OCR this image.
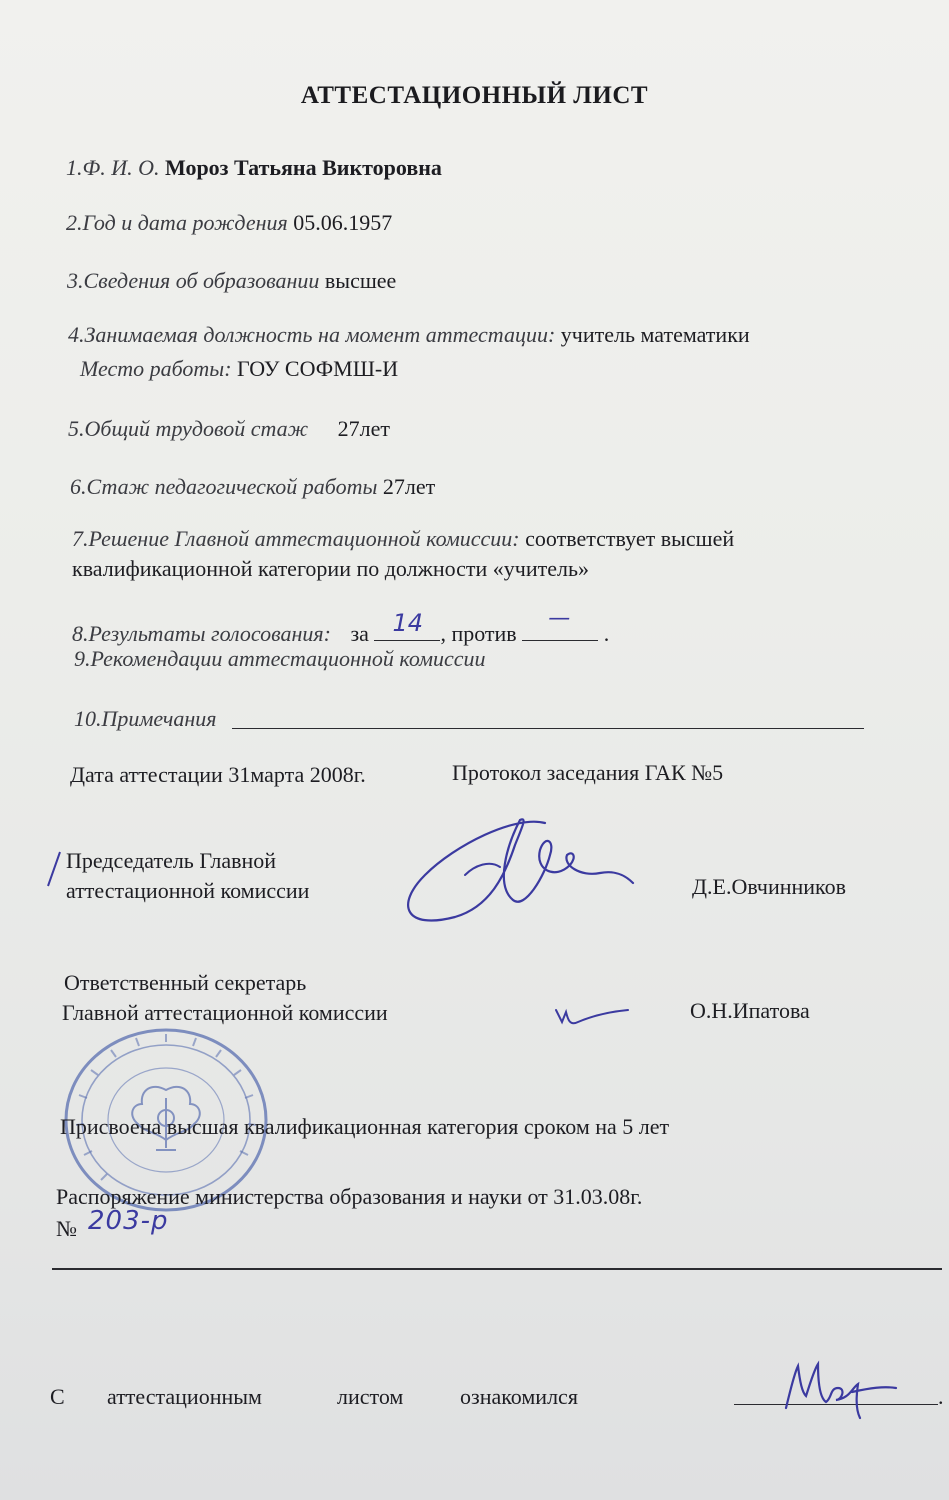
АТТЕСТАЦИОННЫЙ ЛИСТ
1.Ф. И. О. Мороз Татьяна Викторовна
2.Год и дата рождения 05.06.1957
3.Сведения об образовании высшее
4.Занимаемая должность на момент аттестации: учитель математики
Место работы: ГОУ СОФМШ-И
5.Общий трудовой стаж 27лет
6.Стаж педагогической работы 27лет
7.Решение Главной аттестационной комиссии: соответствует высшей
квалификационной категории по должности «учитель»
8.Результаты голосования: за 14 , против
—
.
9.Рекомендации аттестационной комиссии
10.Примечания
Дата аттестации 31марта 2008г.	Протокол заседания ГАК №5
Председатель Главной
аттестационной комиссии	Д.Е.Овчинников
Ответственный секретарь
Главной аттестационной комиссии	О.Н.Ипатова
Присвоена высшая квалификационная категория сроком на 5 лет
Распоряжение министерства образования и науки от 31.03.08г.
№ 203-р
С аттестационным	листом	ознакомился	.
